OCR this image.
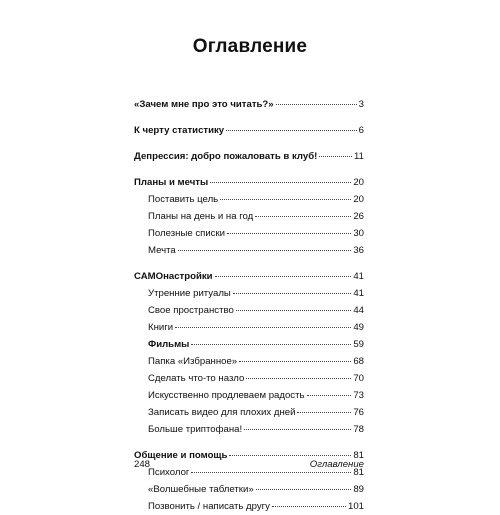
Оглавление
«Зачем мне про это читать?»	3
К черту статистику	6
Депрессия: добро пожаловать в клуб!	11
Планы и мечты	20
Поставить цель	20
Планы на день и на год	26
Полезные списки	30
Мечта	36
САМОнастройки	41
Утренние ритуалы	41
Свое пространство	44
Книги	49
Фильмы	59
Папка «Избранное»	68
Сделать что-то назло	70
Искусственно продлеваем радость	73
Записать видео для плохих дней	76
Больше триптофана!	78
Общение и помощь	81
Психолог	81
«Волшебные таблетки»	89
Позвонить / написать другу	101
248	Оглавление
